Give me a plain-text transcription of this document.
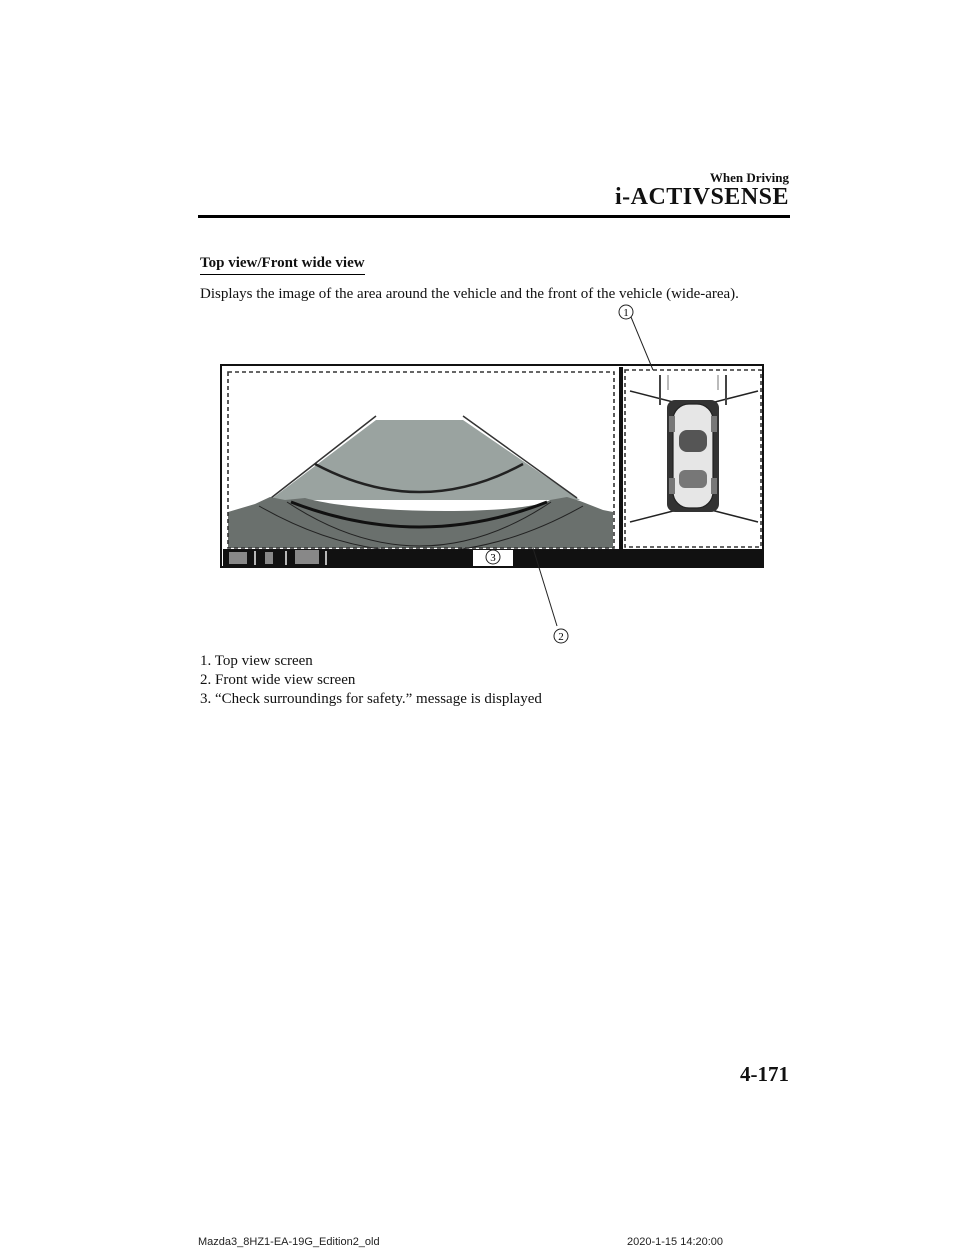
When Driving
i-ACTIVSENSE
Top view/Front wide view
Displays the image of the area around the vehicle and the front of the vehicle (wide-area).
1
2
3
1. Top view screen
2. Front wide view screen
3. “Check surroundings for safety.” message is displayed
4-171
Mazda3_8HZ1-EA-19G_Edition2_old	2020-1-15 14:20:00
